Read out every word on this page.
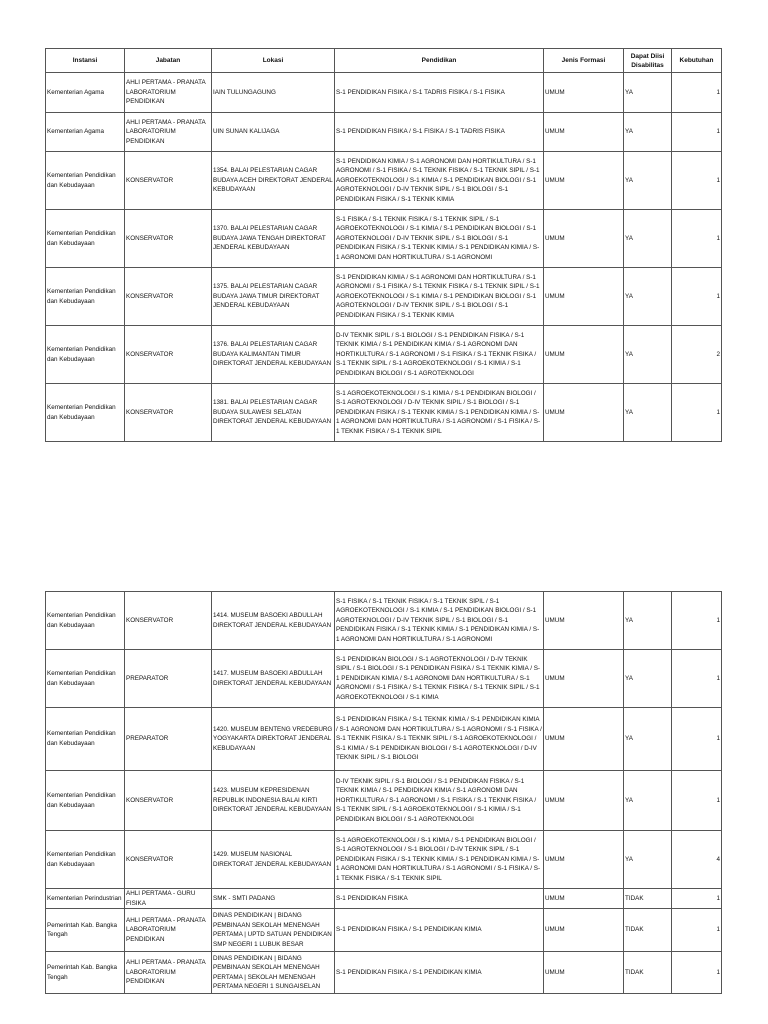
Instansi	Jabatan	Lokasi	Pendidikan	Jenis Formasi	Dapat Diisi Disabilitas	Kebutuhan
Kementerian Agama	AHLI PERTAMA - PRANATA LABORATORIUM PENDIDIKAN	IAIN TULUNGAGUNG	S-1 PENDIDIKAN FISIKA / S-1 TADRIS FISIKA / S-1 FISIKA	UMUM	YA	1
Kementerian Agama	AHLI PERTAMA - PRANATA LABORATORIUM PENDIDIKAN	UIN SUNAN KALIJAGA	S-1 PENDIDIKAN FISIKA / S-1 FISIKA / S-1 TADRIS FISIKA	UMUM	YA	1
Kementerian Pendidikan dan Kebudayaan	KONSERVATOR	1354. BALAI PELESTARIAN CAGAR BUDAYA ACEH DIREKTORAT JENDERAL KEBUDAYAAN	S-1 PENDIDIKAN KIMIA / S-1 AGRONOMI DAN HORTIKULTURA / S-1 AGRONOMI / S-1 FISIKA / S-1 TEKNIK FISIKA / S-1 TEKNIK SIPIL / S-1 AGROEKOTEKNOLOGI / S-1 KIMIA / S-1 PENDIDIKAN BIOLOGI / S-1 AGROTEKNOLOGI / D-IV TEKNIK SIPIL / S-1 BIOLOGI / S-1 PENDIDIKAN FISIKA / S-1 TEKNIK KIMIA	UMUM	YA	1
Kementerian Pendidikan dan Kebudayaan	KONSERVATOR	1370. BALAI PELESTARIAN CAGAR BUDAYA JAWA TENGAH DIREKTORAT JENDERAL KEBUDAYAAN	S-1 FISIKA / S-1 TEKNIK FISIKA / S-1 TEKNIK SIPIL / S-1 AGROEKOTEKNOLOGI / S-1 KIMIA / S-1 PENDIDIKAN BIOLOGI / S-1 AGROTEKNOLOGI / D-IV TEKNIK SIPIL / S-1 BIOLOGI / S-1 PENDIDIKAN FISIKA / S-1 TEKNIK KIMIA / S-1 PENDIDIKAN KIMIA / S-1 AGRONOMI DAN HORTIKULTURA / S-1 AGRONOMI	UMUM	YA	1
Kementerian Pendidikan dan Kebudayaan	KONSERVATOR	1375. BALAI PELESTARIAN CAGAR BUDAYA JAWA TIMUR DIREKTORAT JENDERAL KEBUDAYAAN	S-1 PENDIDIKAN KIMIA / S-1 AGRONOMI DAN HORTIKULTURA / S-1 AGRONOMI / S-1 FISIKA / S-1 TEKNIK FISIKA / S-1 TEKNIK SIPIL / S-1 AGROEKOTEKNOLOGI / S-1 KIMIA / S-1 PENDIDIKAN BIOLOGI / S-1 AGROTEKNOLOGI / D-IV TEKNIK SIPIL / S-1 BIOLOGI / S-1 PENDIDIKAN FISIKA / S-1 TEKNIK KIMIA	UMUM	YA	1
Kementerian Pendidikan dan Kebudayaan	KONSERVATOR	1376. BALAI PELESTARIAN CAGAR BUDAYA KALIMANTAN TIMUR DIREKTORAT JENDERAL KEBUDAYAAN	D-IV TEKNIK SIPIL / S-1 BIOLOGI / S-1 PENDIDIKAN FISIKA / S-1 TEKNIK KIMIA / S-1 PENDIDIKAN KIMIA / S-1 AGRONOMI DAN HORTIKULTURA / S-1 AGRONOMI / S-1 FISIKA / S-1 TEKNIK FISIKA / S-1 TEKNIK SIPIL / S-1 AGROEKOTEKNOLOGI / S-1 KIMIA / S-1 PENDIDIKAN BIOLOGI / S-1 AGROTEKNOLOGI	UMUM	YA	2
Kementerian Pendidikan dan Kebudayaan	KONSERVATOR	1381. BALAI PELESTARIAN CAGAR BUDAYA SULAWESI SELATAN DIREKTORAT JENDERAL KEBUDAYAAN	S-1 AGROEKOTEKNOLOGI / S-1 KIMIA / S-1 PENDIDIKAN BIOLOGI / S-1 AGROTEKNOLOGI / D-IV TEKNIK SIPIL / S-1 BIOLOGI / S-1 PENDIDIKAN FISIKA / S-1 TEKNIK KIMIA / S-1 PENDIDIKAN KIMIA / S-1 AGRONOMI DAN HORTIKULTURA / S-1 AGRONOMI / S-1 FISIKA / S-1 TEKNIK FISIKA / S-1 TEKNIK SIPIL	UMUM	YA	1
Kementerian Pendidikan dan Kebudayaan	KONSERVATOR	1414. MUSEUM BASOEKI ABDULLAH DIREKTORAT JENDERAL KEBUDAYAAN	S-1 FISIKA / S-1 TEKNIK FISIKA / S-1 TEKNIK SIPIL / S-1 AGROEKOTEKNOLOGI / S-1 KIMIA / S-1 PENDIDIKAN BIOLOGI / S-1 AGROTEKNOLOGI / D-IV TEKNIK SIPIL / S-1 BIOLOGI / S-1 PENDIDIKAN FISIKA / S-1 TEKNIK KIMIA / S-1 PENDIDIKAN KIMIA / S-1 AGRONOMI DAN HORTIKULTURA / S-1 AGRONOMI	UMUM	YA	1
Kementerian Pendidikan dan Kebudayaan	PREPARATOR	1417. MUSEUM BASOEKI ABDULLAH DIREKTORAT JENDERAL KEBUDAYAAN	S-1 PENDIDIKAN BIOLOGI / S-1 AGROTEKNOLOGI / D-IV TEKNIK SIPIL / S-1 BIOLOGI / S-1 PENDIDIKAN FISIKA / S-1 TEKNIK KIMIA / S-1 PENDIDIKAN KIMIA / S-1 AGRONOMI DAN HORTIKULTURA / S-1 AGRONOMI / S-1 FISIKA / S-1 TEKNIK FISIKA / S-1 TEKNIK SIPIL / S-1 AGROEKOTEKNOLOGI / S-1 KIMIA	UMUM	YA	1
Kementerian Pendidikan dan Kebudayaan	PREPARATOR	1420. MUSEUM BENTENG VREDEBURG YOGYAKARTA DIREKTORAT JENDERAL KEBUDAYAAN	S-1 PENDIDIKAN FISIKA / S-1 TEKNIK KIMIA / S-1 PENDIDIKAN KIMIA / S-1 AGRONOMI DAN HORTIKULTURA / S-1 AGRONOMI / S-1 FISIKA / S-1 TEKNIK FISIKA / S-1 TEKNIK SIPIL / S-1 AGROEKOTEKNOLOGI / S-1 KIMIA / S-1 PENDIDIKAN BIOLOGI / S-1 AGROTEKNOLOGI / D-IV TEKNIK SIPIL / S-1 BIOLOGI	UMUM	YA	1
Kementerian Pendidikan dan Kebudayaan	KONSERVATOR	1423. MUSEUM KEPRESIDENAN REPUBLIK INDONESIA BALAI KIRTI DIREKTORAT JENDERAL KEBUDAYAAN	D-IV TEKNIK SIPIL / S-1 BIOLOGI / S-1 PENDIDIKAN FISIKA / S-1 TEKNIK KIMIA / S-1 PENDIDIKAN KIMIA / S-1 AGRONOMI DAN HORTIKULTURA / S-1 AGRONOMI / S-1 FISIKA / S-1 TEKNIK FISIKA / S-1 TEKNIK SIPIL / S-1 AGROEKOTEKNOLOGI / S-1 KIMIA / S-1 PENDIDIKAN BIOLOGI / S-1 AGROTEKNOLOGI	UMUM	YA	1
Kementerian Pendidikan dan Kebudayaan	KONSERVATOR	1429. MUSEUM NASIONAL DIREKTORAT JENDERAL KEBUDAYAAN	S-1 AGROEKOTEKNOLOGI / S-1 KIMIA / S-1 PENDIDIKAN BIOLOGI / S-1 AGROTEKNOLOGI / S-1 BIOLOGI / D-IV TEKNIK SIPIL / S-1 PENDIDIKAN FISIKA / S-1 TEKNIK KIMIA / S-1 PENDIDIKAN KIMIA / S-1 AGRONOMI DAN HORTIKULTURA / S-1 AGRONOMI / S-1 FISIKA / S-1 TEKNIK FISIKA / S-1 TEKNIK SIPIL	UMUM	YA	4
Kementerian Perindustrian	AHLI PERTAMA - GURU FISIKA	SMK - SMTI PADANG	S-1 PENDIDIKAN FISIKA	UMUM	TIDAK	1
Pemerintah Kab. Bangka Tengah	AHLI PERTAMA - PRANATA LABORATORIUM PENDIDIKAN	DINAS PENDIDIKAN | BIDANG PEMBINAAN SEKOLAH MENENGAH PERTAMA | UPTD SATUAN PENDIDIKAN SMP NEGERI 1 LUBUK BESAR	S-1 PENDIDIKAN FISIKA / S-1 PENDIDIKAN KIMIA	UMUM	TIDAK	1
Pemerintah Kab. Bangka Tengah	AHLI PERTAMA - PRANATA LABORATORIUM PENDIDIKAN	DINAS PENDIDIKAN | BIDANG PEMBINAAN SEKOLAH MENENGAH PERTAMA | SEKOLAH MENENGAH PERTAMA NEGERI 1 SUNGAISELAN	S-1 PENDIDIKAN FISIKA / S-1 PENDIDIKAN KIMIA	UMUM	TIDAK	1
